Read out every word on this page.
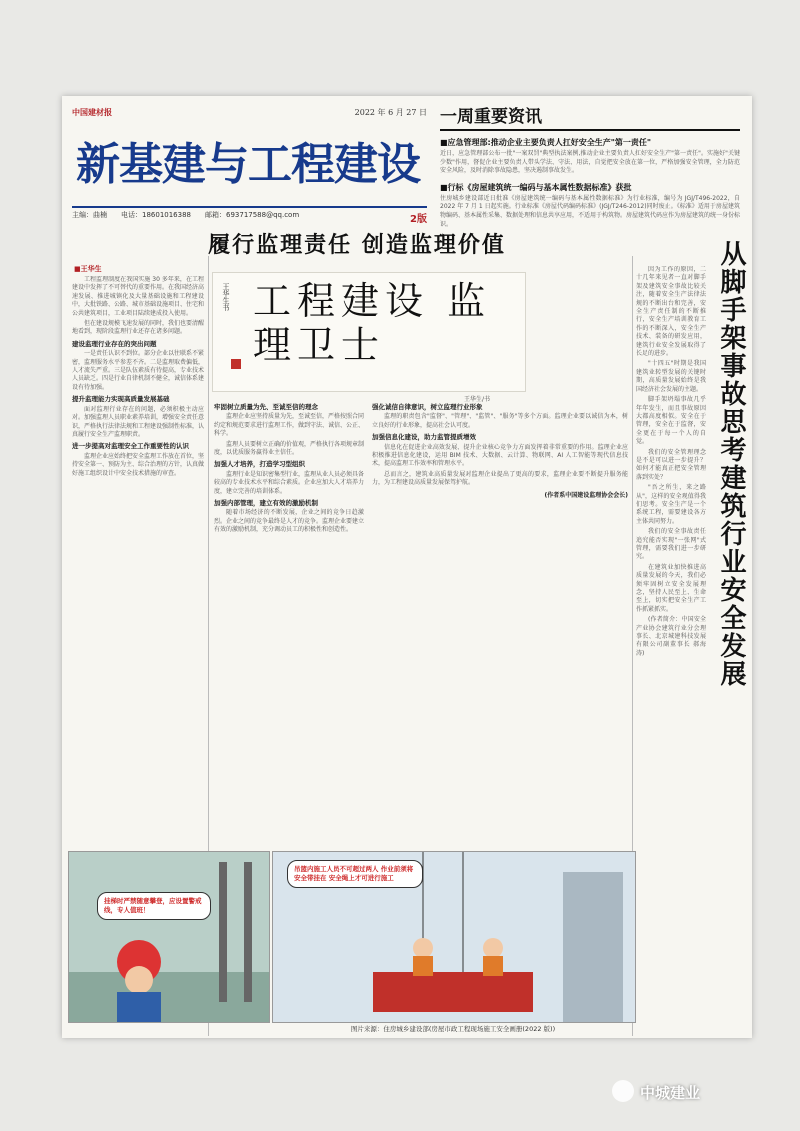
中国建材报	2022 年 6 月 27 日
新基建与工程建设
主编：曲楠 电话：18601016388 邮箱：693717588@qq.com	2版
一周重要资讯
■应急管理部:推动企业主要负责人扛好安全生产"第一责任"
近日，应急管理部公布一批"一案双罚"典型执法案例,推动企业主要负责人扛好安全生产"第一责任"。实施好"关键少数"作用，督促企业主要负责人带头学法、守法、用法，自觉把安全放在第一位，严格加强安全管理，全力防范安全风险，及时消除事故隐患，坚决遏制事故发生。
■行标《房屋建筑统一编码与基本属性数据标准》获批
住房城乡建设部近日批准《房屋建筑统一编码与基本属性数据标准》为行业标准，编号为 JGJ/T496-2022，自 2022 年 7 月 1 日起实施。行业标准《房屋代码编码标准》(JGJ/T246-2012)同时废止。《标准》适用于房屋建筑物编码、基本属性采集、数据处理和信息共享应用，不适用于构筑物。房屋建筑代码应作为房屋建筑的统一身份标识。
履行监理责任 创造监理价值
■王华生
王华生书 工程建设 监理卫士
王华生/书

工程监理制度在我国实施 30 多年来，在工程建设中发挥了不可替代的重要作用。在我国经济高速发展、推进城镇化及大量基础设施和工程建设中，大批铁路、公路、城市基础设施项目、住宅和公共建筑项目，工业项目陆续建成投入使用。

但在建设规模飞速发展的同时，我们也要清醒地看到，现阶段监理行业还存在诸多问题。

建设监理行业存在的突出问题

一是责任认识不到位。部分企业以往联系不紧密，监理服务水平参差不齐。二是监理取费偏低，人才流失严重。三是队伍素质有待提高，专业技术人员缺乏。四是行业自律机制不健全，诚信体系建设有待加强。

提升监理能力实现高质量发展基础

面对监理行业存在的问题，必须积极主动应对。加强监理人员职业素养培训，增强安全责任意识，严格执行法律法规和工程建设强制性标准，认真履行安全生产监理职责。

进一步提高对监理安全工作重要性的认识

监理企业应始终把安全监理工作放在首位，坚持安全第一、预防为主、综合治理的方针，认真做好施工组织设计中安全技术措施的审查。

牢固树立质量为先、至诚至信的理念

监理企业应坚持质量为先，至诚至信，严格按照合同约定和规范要求进行监理工作，做到守法、诚信、公正、科学。

监理人员要树立正确的价值观，严格执行各项规章制度，以优质服务赢得业主信任。

加强人才培养，打造学习型组织

监理行业是知识密集型行业，监理从业人员必须具备较高的专业技术水平和综合素质。企业应加大人才培养力度，建立完善的培训体系。

加强内部管理，建立有效的激励机制

随着市场经济的不断发展，企业之间的竞争日趋激烈。企业之间的竞争最终是人才的竞争。监理企业要建立有效的激励机制，充分调动员工的积极性和创造性。

强化诚信自律意识，树立监理行业形象

监理的职责包含"监督"、"管理"、"监管"、"服务"等多个方面。监理企业要以诚信为本，树立良好的行业形象，提高社会认可度。

加强信息化建设，助力监管提质增效

信息化在促进企业高效发展、提升企业核心竞争力方面发挥着非常重要的作用。监理企业应积极推进信息化建设，运用 BIM 技术、大数据、云计算、物联网、AI 人工智能等现代信息技术，提高监理工作效率和管理水平。

总而言之，建筑业高质量发展对监理企业提出了更高的要求，监理企业要不断提升服务能力，为工程建设高质量发展保驾护航。

(作者系中国建设监理协会会长)

因为工作的原因，二十几年来见者一直对脚手架及建筑安全事故比较关注，随着安全生产法律法规的不断出台和完善，安全生产责任制的不断推行，安全生产培训教育工作的不断深入，安全生产技术、装备的研发应用，建筑行业安全发展取得了长足的进步。

"十四五"时期是我国建筑业转型发展的关键时期，高质量发展始终是我国经济社会发展的主题。

脚手架坍塌事故几乎年年发生，而且事故原因大都高度相似。安全在于管理，安全在于监督，安全更在于每一个人的自觉。

我们的安全管理理念是不是可以进一步提升？如何才能真正把安全管理落到实处？

"吾之所生，来之路从"，这样的安全观值得我们思考。安全生产是一个系统工程，需要建设各方主体共同努力。

我们的安全事故责任追究能否实现"一张网"式管理，需要我们进一步研究。

在建筑业加快推进高质量发展的今天，我们必须牢固树立安全发展理念，坚持人民至上、生命至上，切实把安全生产工作抓紧抓实。

(作者简介：中国安全产业协会建筑行业分会理事长、北京城建科技发展有限公司副董事长 郝海涛)	从脚手架事故思考建筑行业安全发展
挂梯时严禁随意攀登，应设置警戒线，专人值班！
吊篮内施工人员不可超过两人 作业前须将安全带挂在 安全绳上才可进行施工
图片来源：住房城乡建设部(房屋市政工程现场施工安全画册(2022 版))
中城建业
